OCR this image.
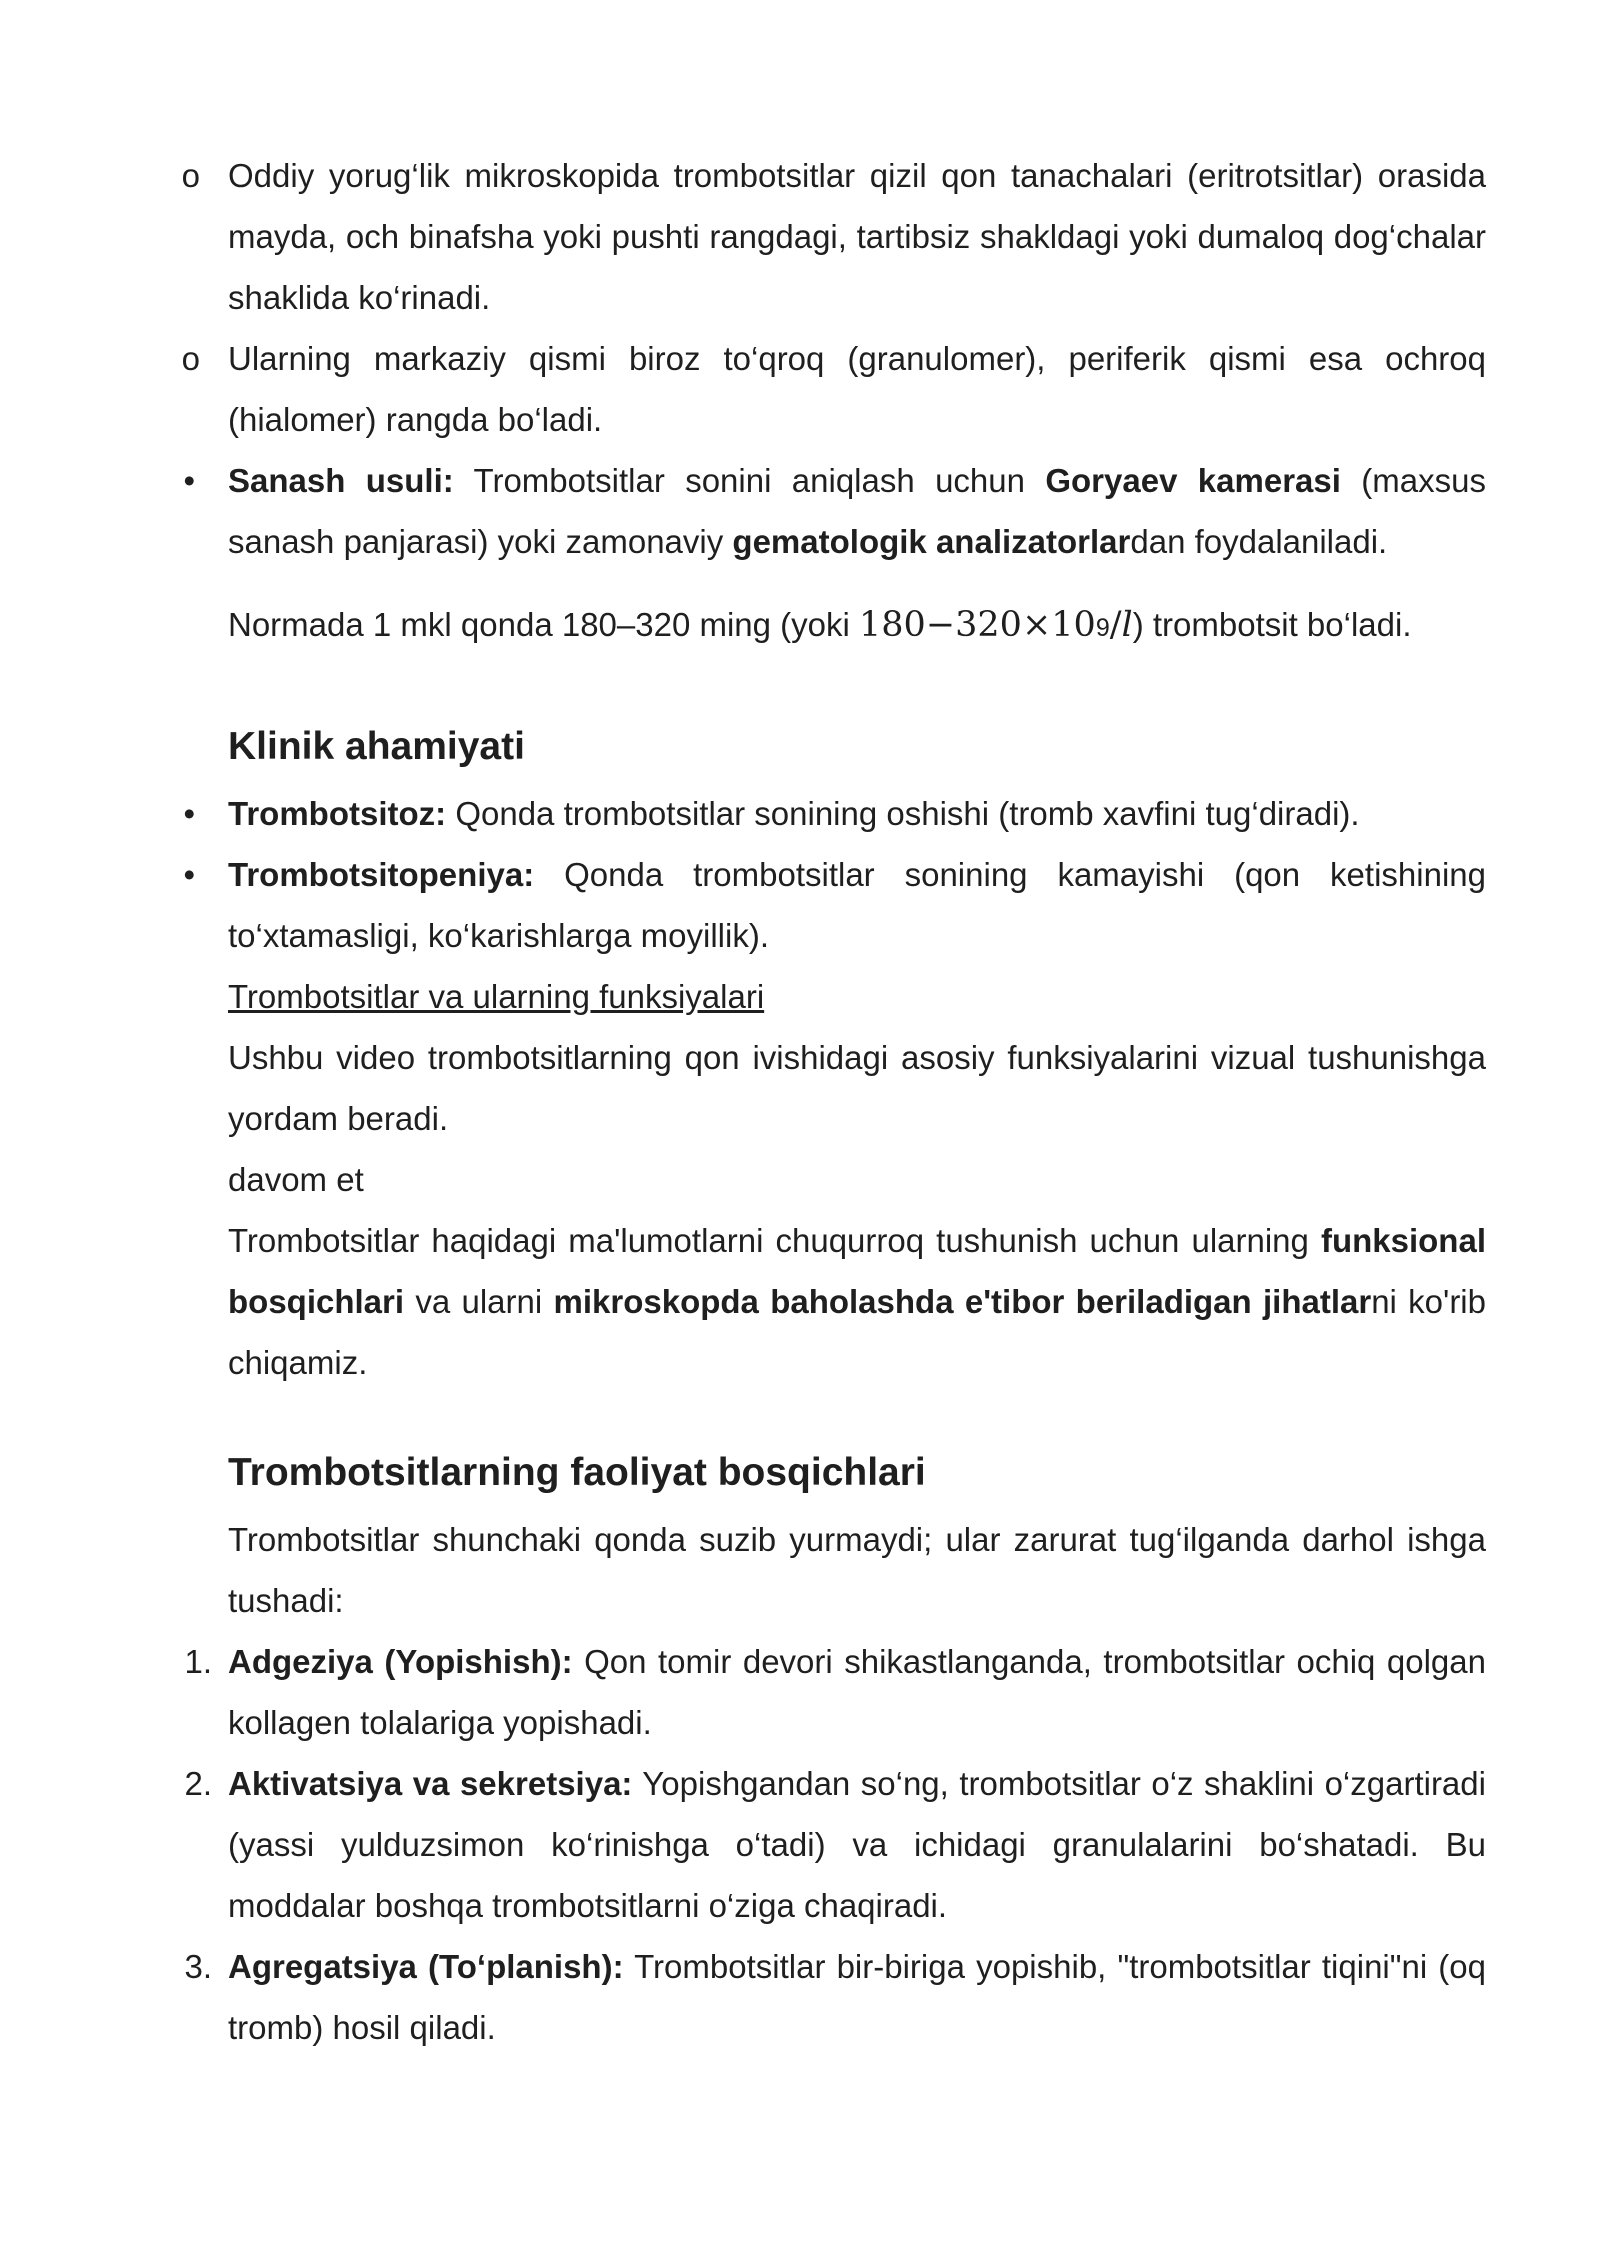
o Oddiy yorug‘lik mikroskopida trombotsitlar qizil qon tanachalari (eritrotsitlar) orasida mayda, och binafsha yoki pushti rangdagi, tartibsiz shakldagi yoki dumaloq dog‘chalar shaklida ko‘rinadi.
o Ularning markaziy qismi biroz to‘qroq (granulomer), periferik qismi esa ochroq (hialomer) rangda bo‘ladi.
• Sanash usuli: Trombotsitlar sonini aniqlash uchun Goryaev kamerasi (maxsus sanash panjarasi) yoki zamonaviy gematologik analizatorlardan foydalaniladi.
Normada 1 mkl qonda 180–320 ming (yoki 180−320×109/l) trombotsit bo‘ladi.
Klinik ahamiyati
• Trombotsitoz: Qonda trombotsitlar sonining oshishi (tromb xavfini tug‘diradi).
• Trombotsitopeniya: Qonda trombotsitlar sonining kamayishi (qon ketishining to‘xtamasligi, ko‘karishlarga moyillik).
Trombotsitlar va ularning funksiyalari
Ushbu video trombotsitlarning qon ivishidagi asosiy funksiyalarini vizual tushunishga yordam beradi.
davom et
Trombotsitlar haqidagi ma'lumotlarni chuqurroq tushunish uchun ularning funksional bosqichlari va ularni mikroskopda baholashda e'tibor beriladigan jihatlarni ko'rib chiqamiz.
Trombotsitlarning faoliyat bosqichlari
Trombotsitlar shunchaki qonda suzib yurmaydi; ular zarurat tug‘ilganda darhol ishga tushadi:
1. Adgeziya (Yopishish): Qon tomir devori shikastlanganda, trombotsitlar ochiq qolgan kollagen tolalariga yopishadi.
2. Aktivatsiya va sekretsiya: Yopishgandan so‘ng, trombotsitlar o‘z shaklini o‘zgartiradi (yassi yulduzsimon ko‘rinishga o‘tadi) va ichidagi granulalarini bo‘shatadi. Bu moddalar boshqa trombotsitlarni o‘ziga chaqiradi.
3. Agregatsiya (To‘planish): Trombotsitlar bir-biriga yopishib, "trombotsitlar tiqini"ni (oq tromb) hosil qiladi.
